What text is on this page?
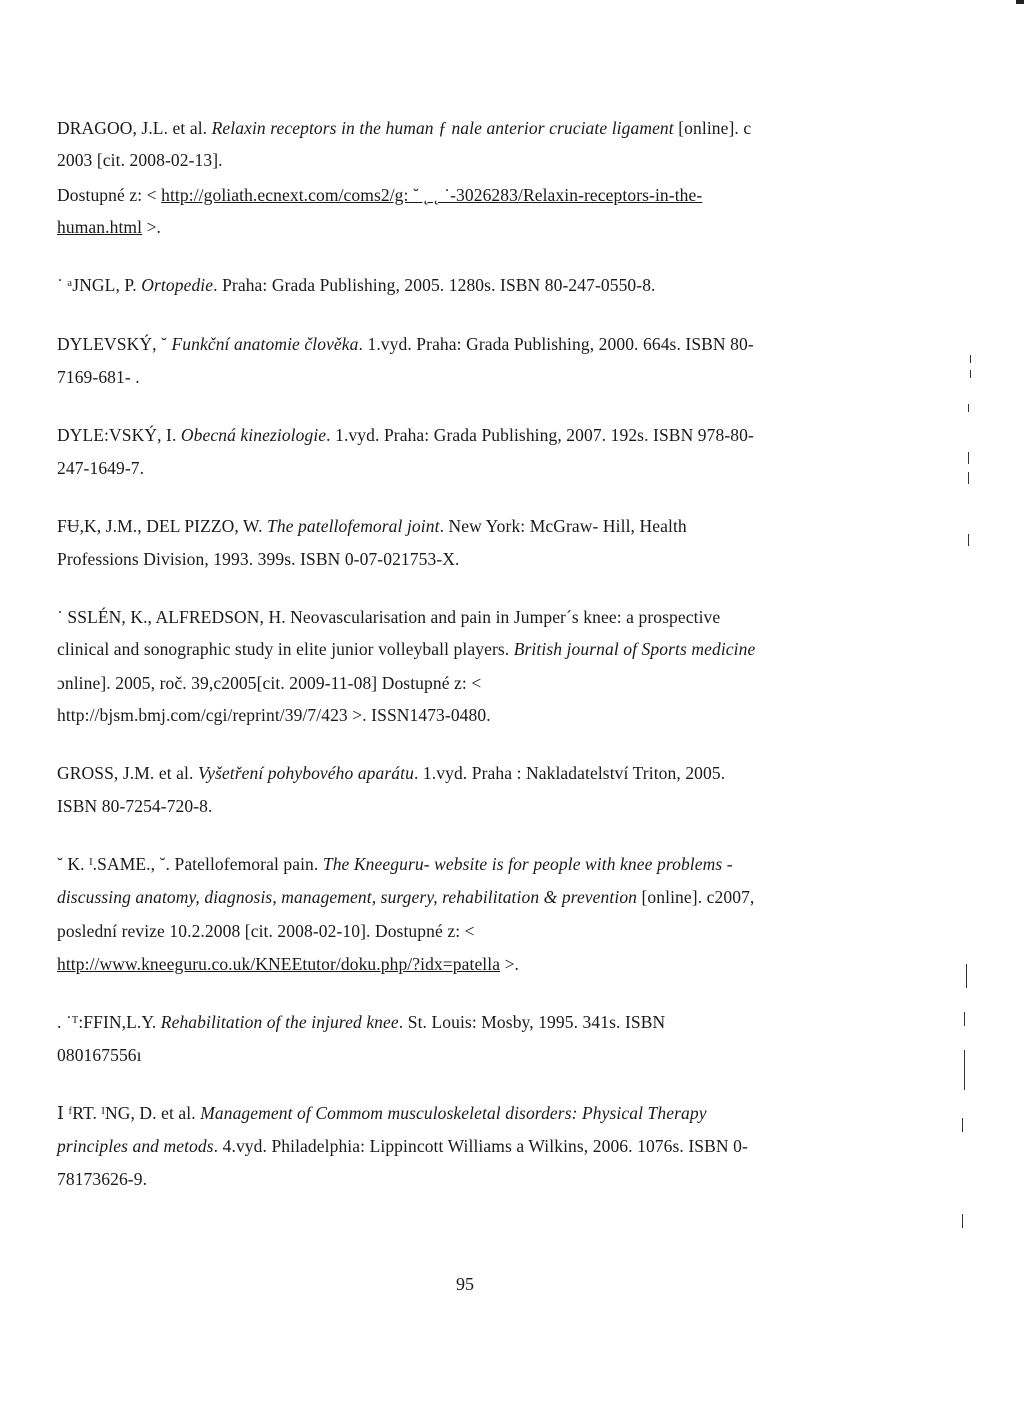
DRAGOO, J.L. et al. Relaxin receptors in the human ƒ nale anterior cruciate ligament [online]. c
2003 [cit. 2008-02-13].
Dostupné z: < http://goliath.ecnext.com/coms2/g: ˘ ˛ ˛ ˙-3026283/Relaxin-receptors-in-the-
human.html >.
˙ ᵃJNGL, P. Ortopedie. Praha: Grada Publishing, 2005. 1280s. ISBN 80-247-0550-8.
DYLEVSKÝ, ˘ Funkční anatomie člověka. 1.vyd. Praha: Grada Publishing, 2000. 664s. ISBN 80-
7169-681- .
DYLE:VSKÝ, I. Obecná kineziologie. 1.vyd. Praha: Grada Publishing, 2007. 192s. ISBN 978-80-
247-1649-7.
FɄ,K, J.M., DEL PIZZO, W. The patellofemoral joint. New York: McGraw- Hill, Health
Professions Division, 1993. 399s. ISBN 0-07-021753-X.
˙ SSLÉN, K., ALFREDSON, H. Neovascularisation and pain in Jumper´s knee: a prospective
clinical and sonographic study in elite junior volleyball players. British journal of Sports medicine
ɔnline]. 2005, roč. 39,c2005[cit. 2009-11-08] Dostupné z: <
http://bjsm.bmj.com/cgi/reprint/39/7/423 >. ISSN1473-0480.
GROSS, J.M. et al. Vyšetření pohybového aparátu. 1.vyd. Praha : Nakladatelství Triton, 2005.
ISBN 80-7254-720-8.
˘ K. ᴵ.SAME., ˘. Patellofemoral pain. The Kneeguru- website is for people with knee problems -
discussing anatomy, diagnosis, management, surgery, rehabilitation & prevention [online]. c2007,
poslední revize 10.2.2008 [cit. 2008-02-10]. Dostupné z: <
http://www.kneeguru.co.uk/KNEEtutor/doku.php/?idx=patella >.
. ˙ᵀ:FFIN,L.Y. Rehabilitation of the injured knee. St. Louis: Mosby, 1995. 341s. ISBN
080167556ı
Ⅰ ᶠRT. ᴵNG, D. et al. Management of Commom musculoskeletal disorders: Physical Therapy
principles and metods. 4.vyd. Philadelphia: Lippincott Williams a Wilkins, 2006. 1076s. ISBN 0-
78173626-9.
95
